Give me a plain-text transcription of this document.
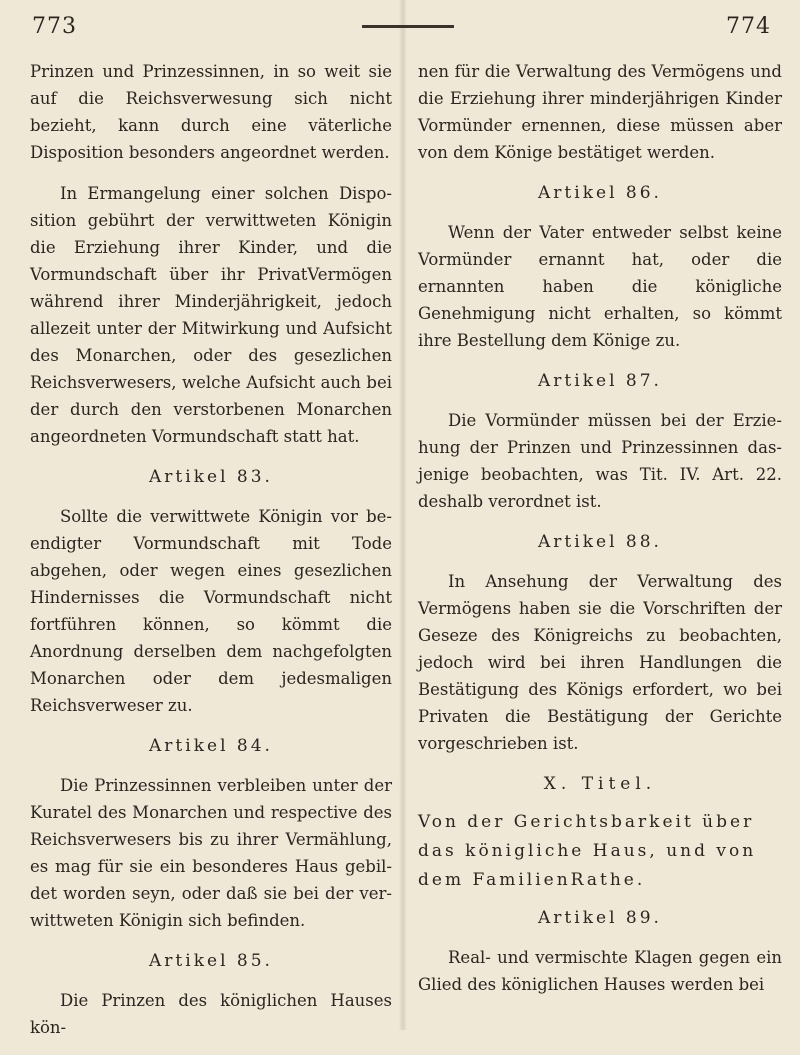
773	774

Prinzen und Prinzessinnen, in so weit sie auf die Reichsverwesung sich nicht bezieht, kann durch eine väterliche Disposition besonders angeordnet werden.

In Ermangelung einer solchen Disposition gebührt der verwittweten Königin die Erziehung ihrer Kinder, und die Vormundschaft über ihr PrivatVermögen während ihrer Minderjährigkeit, jedoch allezeit unter der Mitwirkung und Aufsicht des Monarchen, oder des gesezlichen Reichsverwesers, welche Aufsicht auch bei der durch den verstorbenen Monarchen angeordneten Vormundschaft statt hat.

Artikel 83.

Sollte die verwittwete Königin vor beendigter Vormundschaft mit Tode abgehen, oder wegen eines gesezlichen Hindernisses die Vormundschaft nicht fortführen können, so kömmt die Anordnung derselben dem nachgefolgten Monarchen oder dem jedesmaligen Reichsverweser zu.

Artikel 84.

Die Prinzessinnen verbleiben unter der Kuratel des Monarchen und respective des Reichsverwesers bis zu ihrer Vermählung, es mag für sie ein besonderes Haus gebildet worden seyn, oder daß sie bei der verwittweten Königin sich befinden.

Artikel 85.

Die Prinzen des königlichen Hauses kön-

nen für die Verwaltung des Vermögens und die Erziehung ihrer minderjährigen Kinder Vormünder ernennen, diese müssen aber von dem Könige bestätiget werden.

Artikel 86.

Wenn der Vater entweder selbst keine Vormünder ernannt hat, oder die ernannten haben die königliche Genehmigung nicht erhalten, so kömmt ihre Bestellung dem Könige zu.

Artikel 87.

Die Vormünder müssen bei der Erziehung der Prinzen und Prinzessinnen dasjenige beobachten, was Tit. IV. Art. 22. deshalb verordnet ist.

Artikel 88.

In Ansehung der Verwaltung des Vermögens haben sie die Vorschriften der Geseze des Königreichs zu beobachten, jedoch wird bei ihren Handlungen die Bestätigung des Königs erfordert, wo bei Privaten die Bestätigung der Gerichte vorgeschrieben ist.

X. Titel.
Von der Gerichtsbarkeit über das königliche Haus, und von dem FamilienRathe.
Artikel 89.

Real- und vermischte Klagen gegen ein Glied des königlichen Hauses werden bei
